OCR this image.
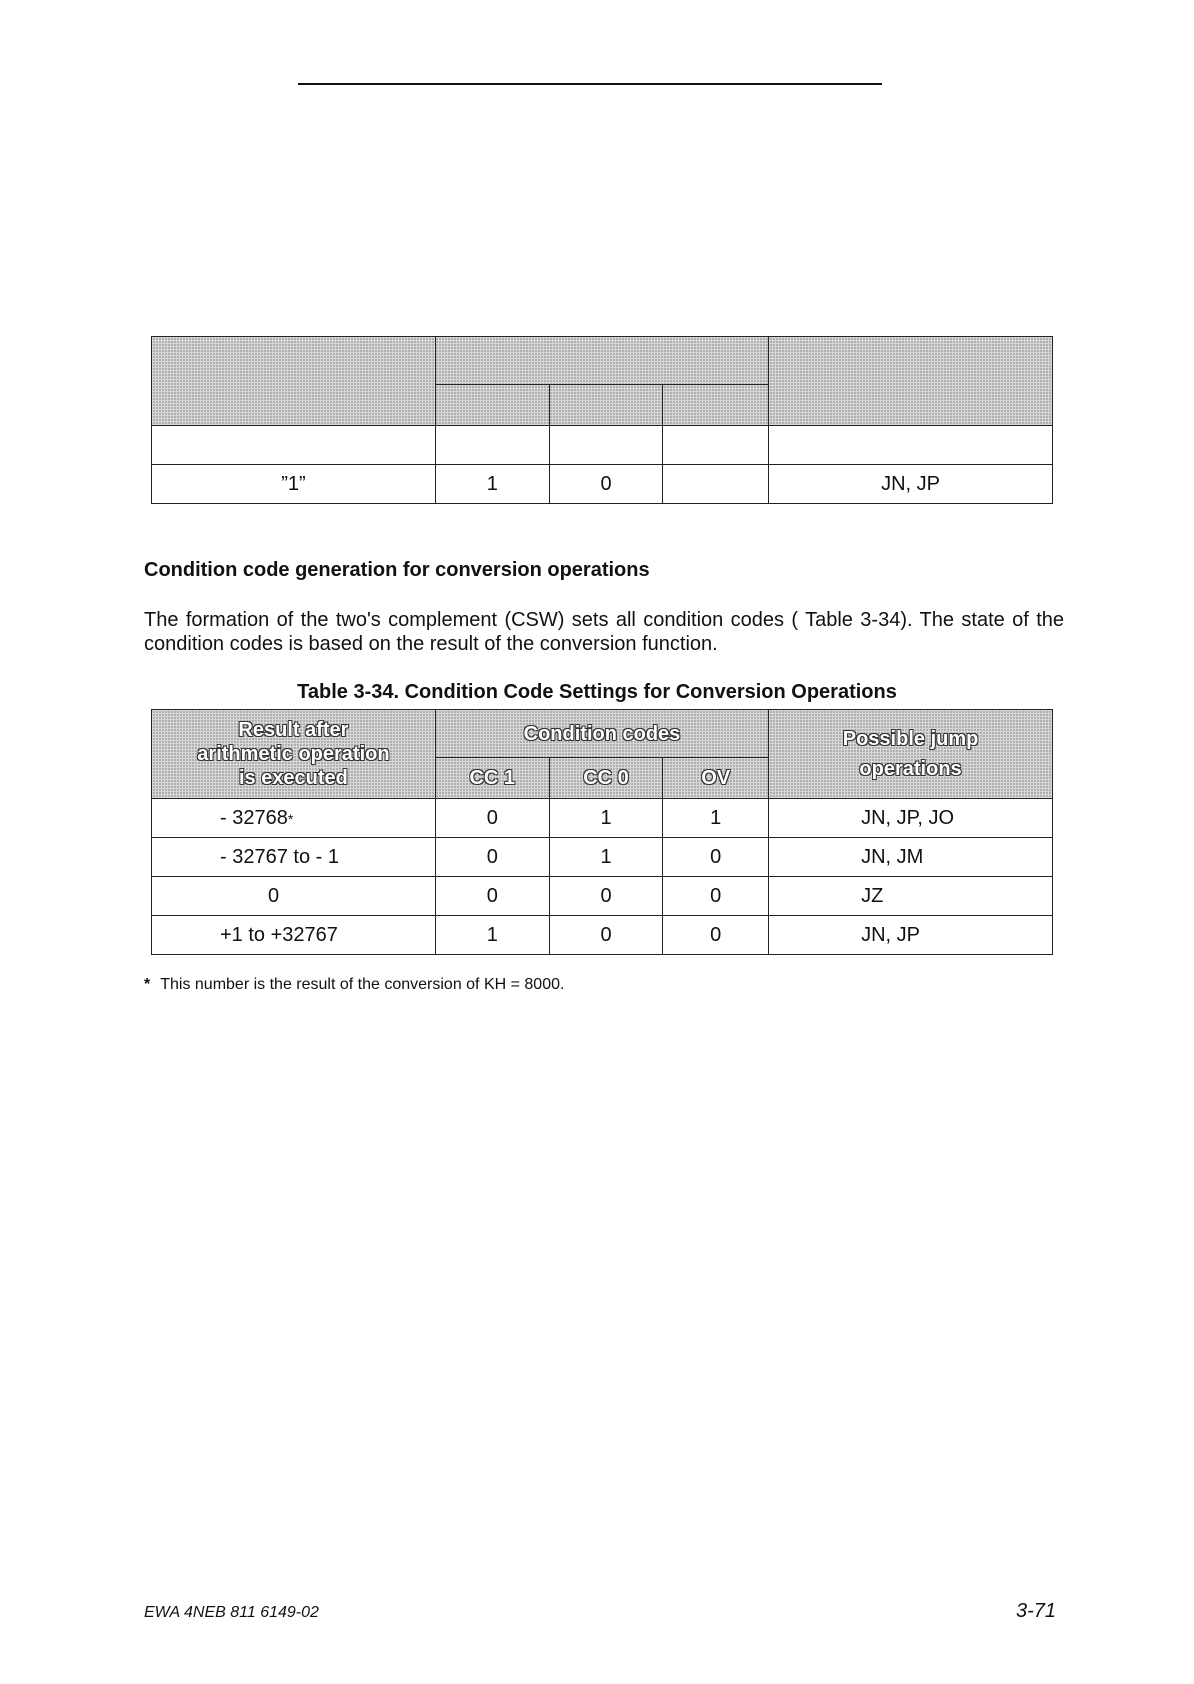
”1”	1	0		JN, JP
Condition code generation for conversion operations
The formation of the two's complement (CSW) sets all condition codes ( Table 3-34). The state of the condition codes is based on the result of the conversion function.
Table 3-34. Condition Code Settings for Conversion Operations
Result after arithmetic operation is executed	Condition codes			Possible jump operations

	CC 1	CC 0	OV	
- 32768*	0	1	1	JN, JP, JO
- 32767 to - 1	0	1	0	JN, JM
0	0	0	0	JZ
+1 to +32767	1	0	0	JN, JP
* This number is the result of the conversion of KH = 8000.
EWA 4NEB 811 6149-02	3-71
